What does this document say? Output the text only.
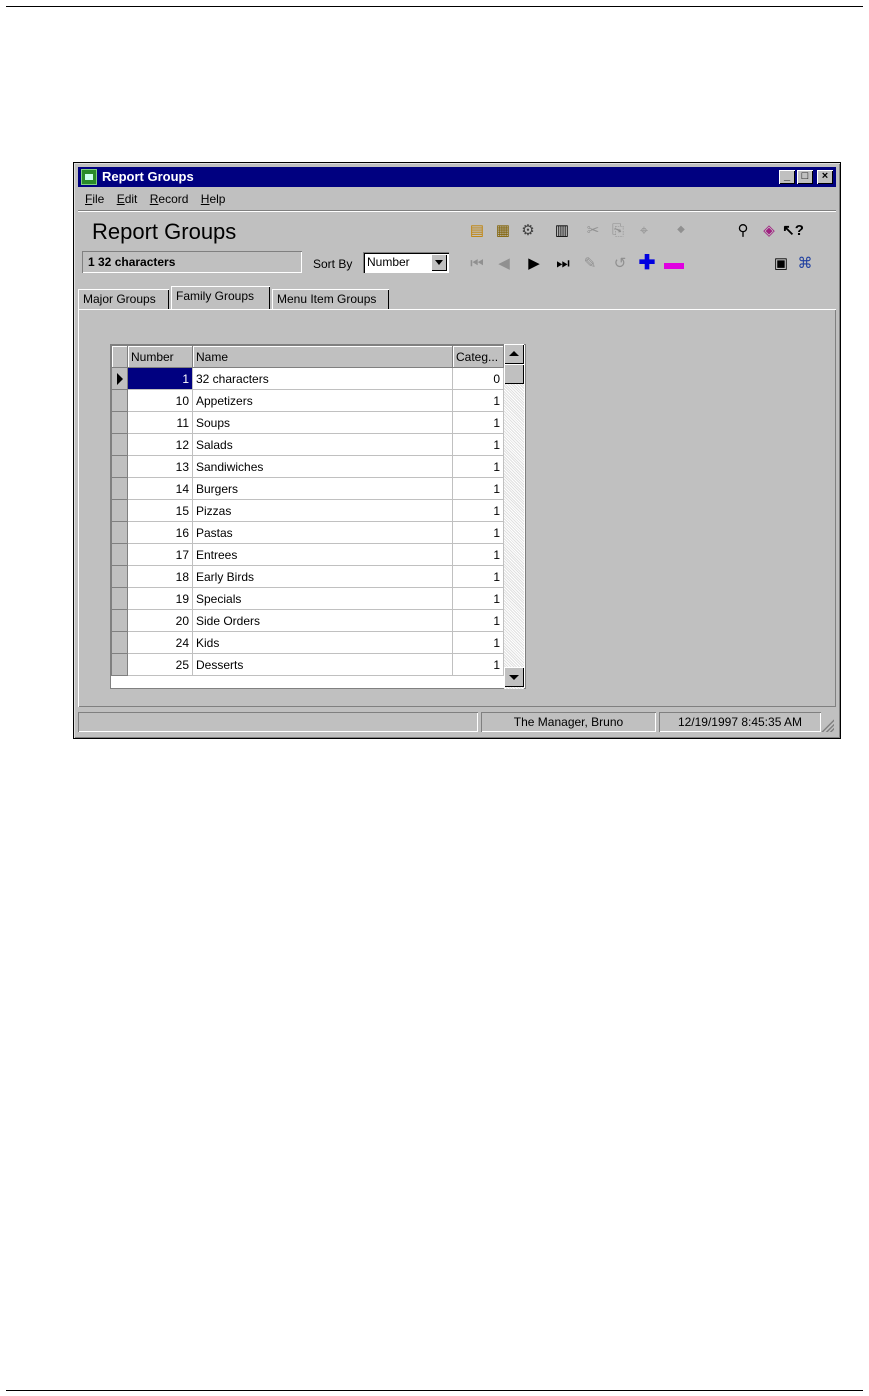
Report Groups	_	□	×
File Edit Record Help
Report Groups
1 32 characters	Sort By	Number
▤ ▦ ⚙ ▥ ✂ ⎘	⌖	◆	⚲ ◈ ↖?
⏮ ◀ ▶ ⏭ ✎ ↺ ✚ ▬	▣ ⌘
Major Groups	Family Groups	Menu Item Groups
	Number	Name	Categ...

	1	32 characters	0
	10	Appetizers	1
	11	Soups	1
	12	Salads	1
	13	Sandiwiches	1
	14	Burgers	1
	15	Pizzas	1
	16	Pastas	1
	17	Entrees	1
	18	Early Birds	1
	19	Specials	1
	20	Side Orders	1
	24	Kids	1
	25	Desserts	1
The Manager, Bruno	12/19/1997 8:45:35 AM
